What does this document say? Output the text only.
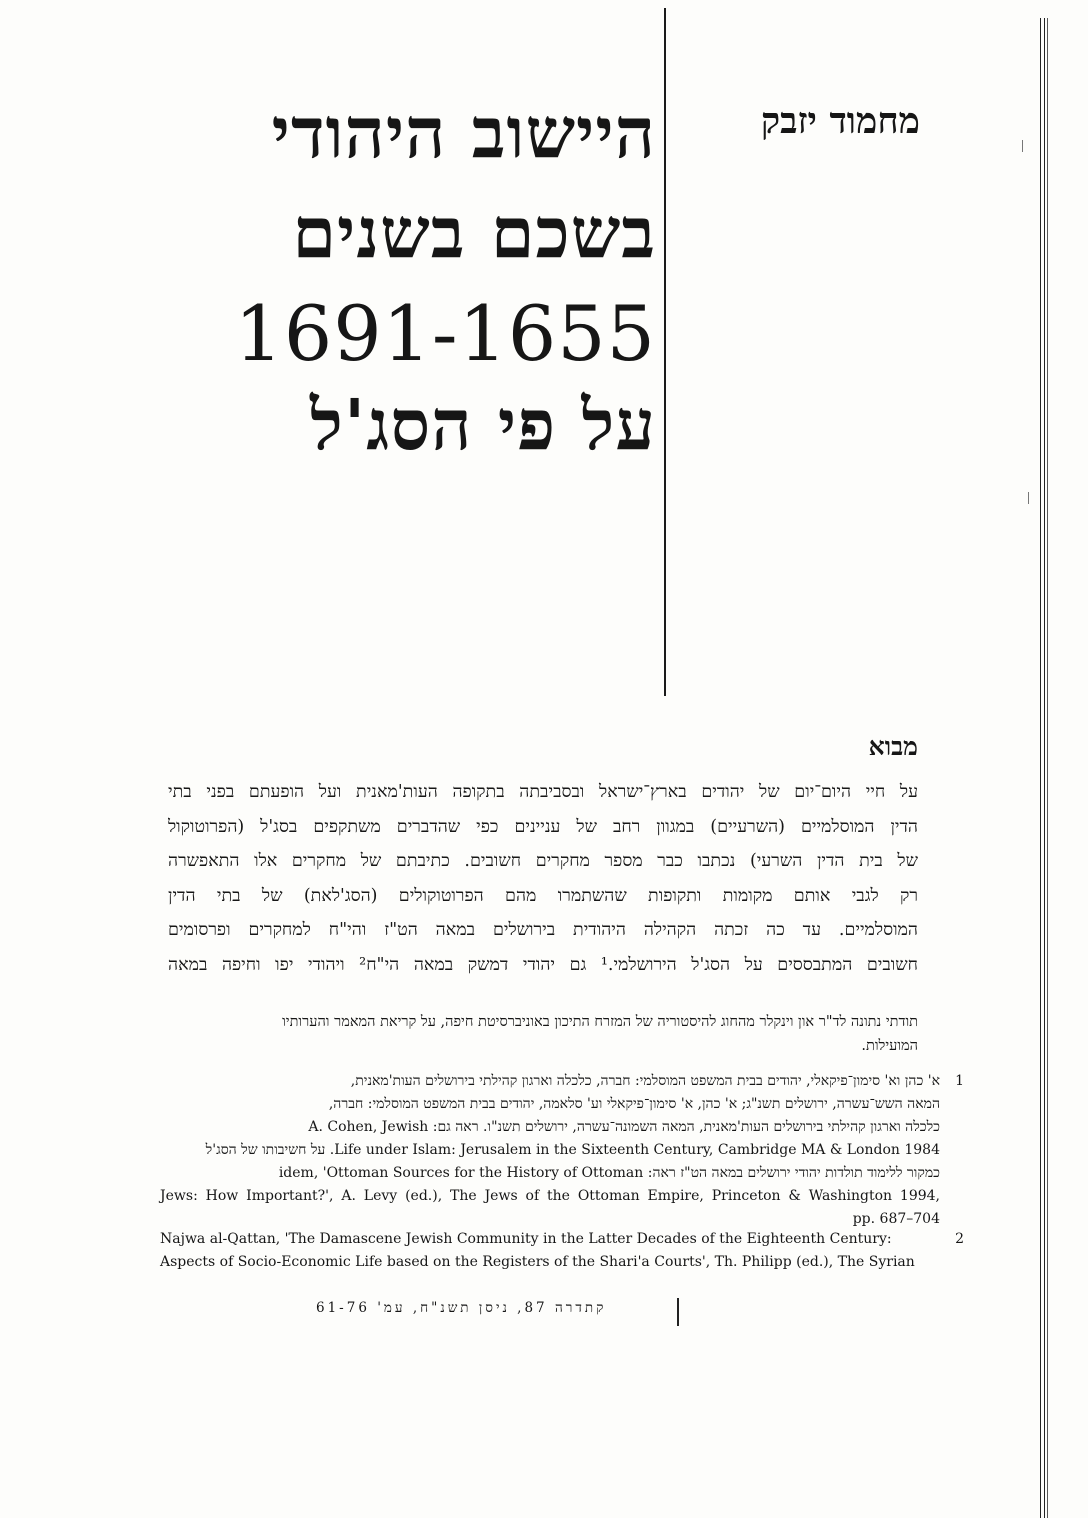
מחמוד יזבק
היישוב היהודי
בשכם בשנים
1691-1655
על פי הסג'ל
מבוא

על חיי היום־יום של יהודים בארץ־ישראל ובסביבתה בתקופה העות'מאנית ועל הופעתם בפני בתי

הדין המוסלמיים (השרעיים) במגוון רחב של עניינים כפי שהדברים משתקפים בסג'ל (הפרוטוקול

של בית הדין השרעי) נכתבו כבר מספר מחקרים חשובים. כתיבתם של מחקרים אלו התאפשרה

רק לגבי אותם מקומות ותקופות שהשתמרו מהם הפרוטוקולים (הסג'לאת) של בתי הדין

המוסלמיים. עד כה זכתה הקהילה היהודית בירושלים במאה הט"ז והי"ח למחקרים ופרסומים

חשובים המתבססים על הסג'ל הירושלמי.¹ גם יהודי דמשק במאה הי"ח² ויהודי יפו וחיפה במאה

תודתי נתונה לד"ר און וינקלר מהחוג להיסטוריה של המזרח התיכון באוניברסיטת חיפה, על קריאת המאמר והערותיו

המועילות.

1

א' כהן וא' סימון־פיקאלי, יהודים בבית המשפט המוסלמי: חברה, כלכלה וארגון קהילתי בירושלים העות'מאנית,

המאה השש־עשרה, ירושלים תשנ"ג; א' כהן, א' סימון־פיקאלי וע' סלאמה, יהודים בבית המשפט המוסלמי: חברה,

כלכלה וארגון קהילתי בירושלים העות'מאנית, המאה השמונה־עשרה, ירושלים תשנ"ו. ראה גם: A. Cohen, Jewish

Life under Islam: Jerusalem in the Sixteenth Century, Cambridge MA & London 1984. על חשיבותו של הסג'ל

כמקור ללימוד תולדות יהודי ירושלים במאה הט"ז ראה: idem, 'Ottoman Sources for the History of Ottoman

Jews: How Important?', A. Levy (ed.), The Jews of the Ottoman Empire, Princeton & Washington 1994,

pp. 687–704

2

Najwa al-Qattan, 'The Damascene Jewish Community in the Latter Decades of the Eighteenth Century:

Aspects of Socio-Economic Life based on the Registers of the Shari'a Courts', Th. Philipp (ed.), The Syrian

קתדרה 87, ניסן תשנ"ח, עמ' 61-76
